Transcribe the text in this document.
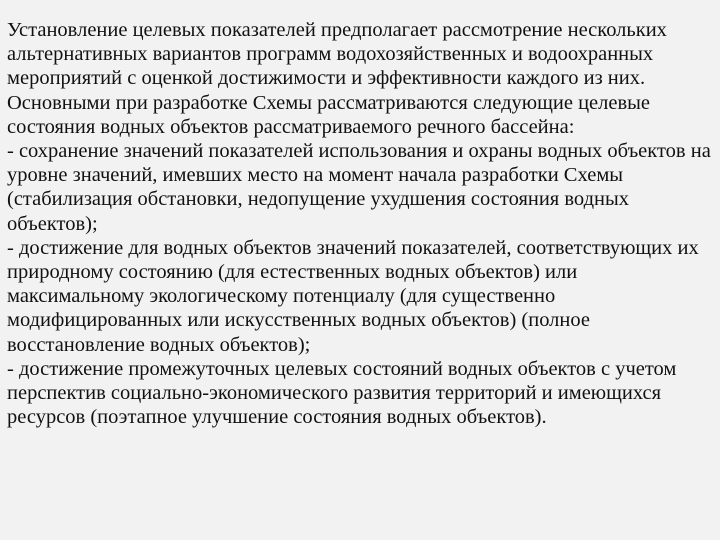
Установление целевых показателей предполагает рассмотрение нескольких альтернативных вариантов программ водохозяйственных и водоохранных мероприятий с оценкой достижимости и эффективности каждого из них.

Основными при разработке Схемы рассматриваются следующие целевые состояния водных объектов рассматриваемого речного бассейна:

- сохранение значений показателей использования и охраны водных объектов на уровне значений, имевших место на момент начала разработки Схемы (стабилизация обстановки, недопущение ухудшения состояния водных объектов);

- достижение для водных объектов значений показателей, соответствующих их природному состоянию (для естественных водных объектов) или максимальному экологическому потенциалу (для существенно модифицированных или искусственных водных объектов) (полное восстановление водных объектов);

- достижение промежуточных целевых состояний водных объектов с учетом перспектив социально-экономического развития территорий и имеющихся ресурсов (поэтапное улучшение состояния водных объектов).
